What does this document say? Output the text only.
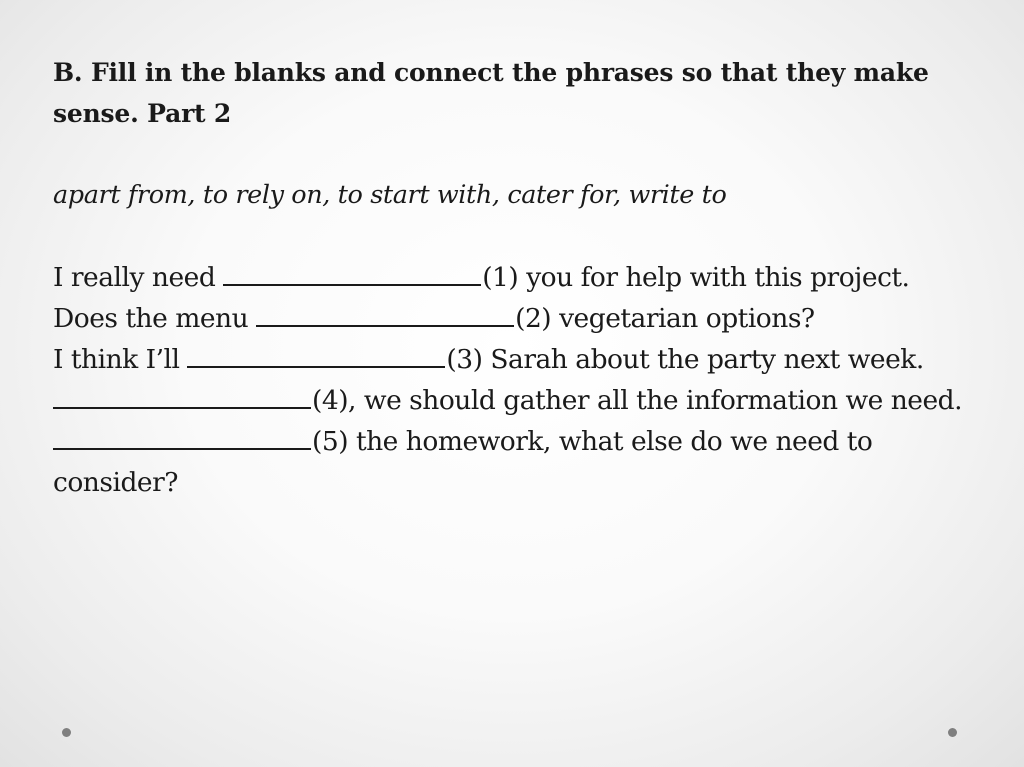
B. Fill in the blanks and connect the phrases so that they make sense. Part 2

apart from, to rely on, to start with, cater for, write to

I really need	(1) you for help with this project.

Does the menu	(2) vegetarian options?

I think I’ll	(3) Sarah about the party next week.

(4), we should gather all the information we need.

(5) the homework, what else do we need to consider?
